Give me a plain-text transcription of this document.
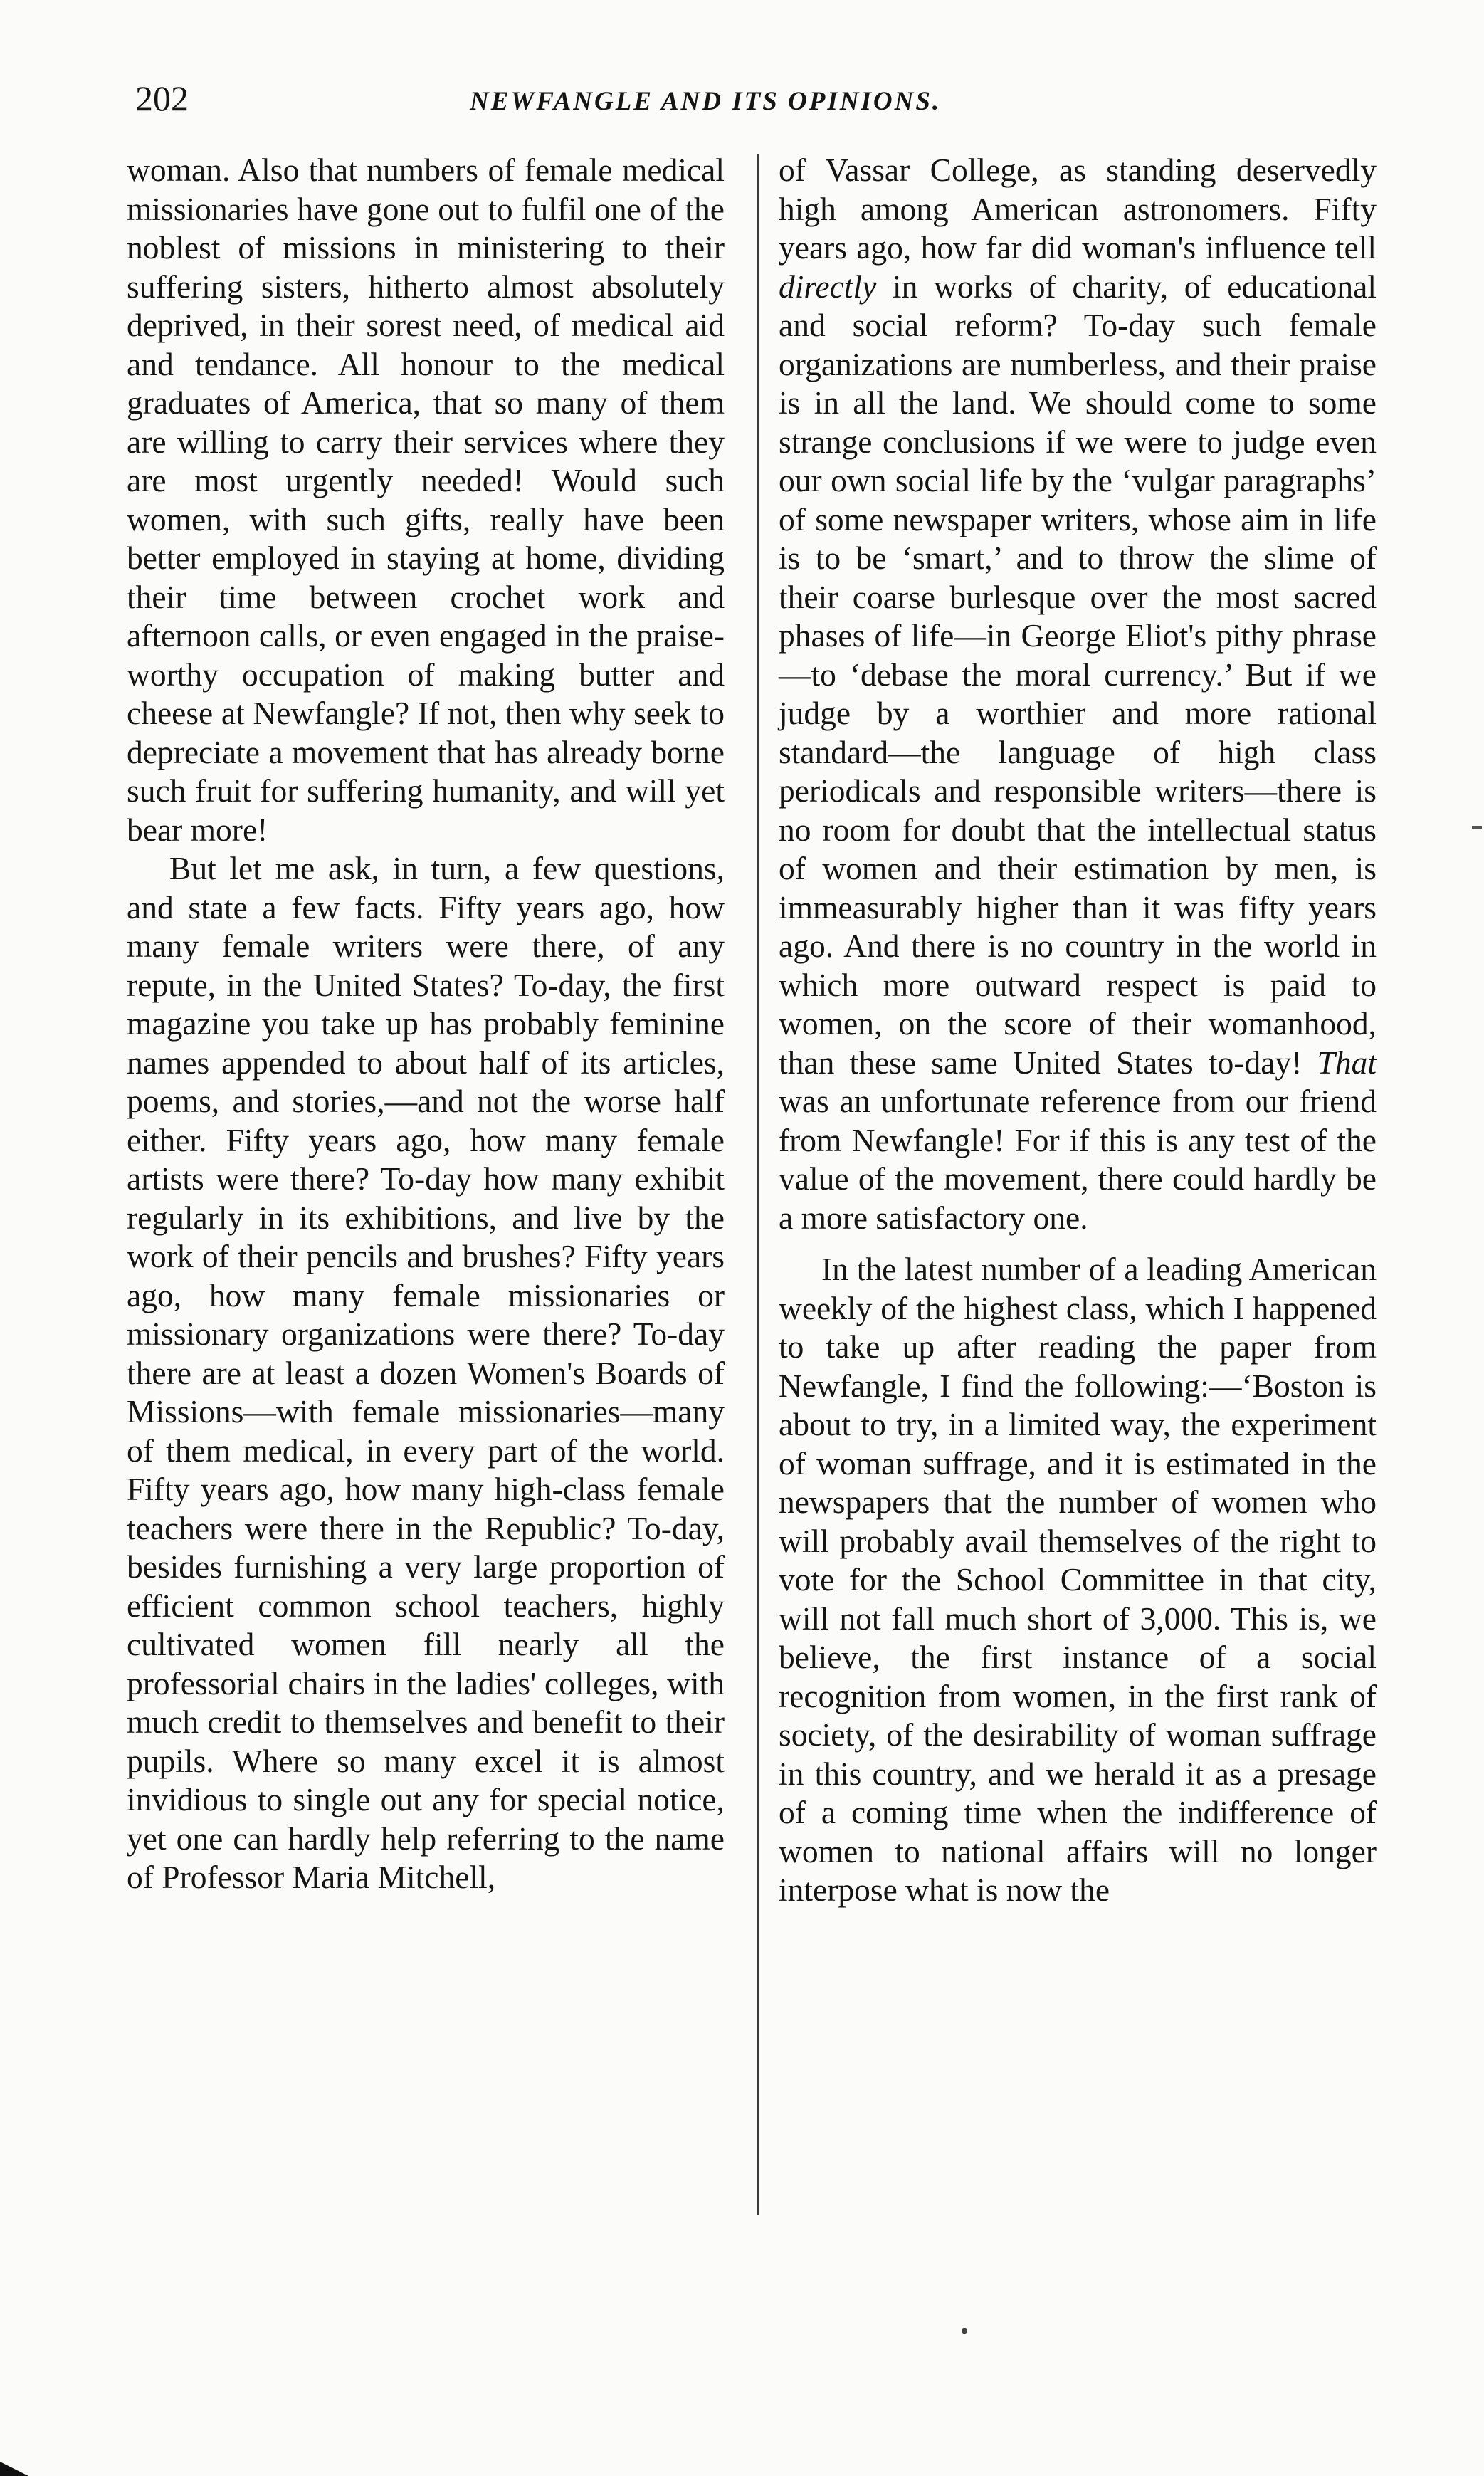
202	NEWFANGLE AND ITS OPINIONS.

woman. Also that numbers of female medical missionaries have gone out to fulfil one of the noblest of missions in ministering to their suffering sisters, hitherto almost absolutely deprived, in their sorest need, of medical aid and tendance. All honour to the medical graduates of America, that so many of them are willing to carry their services where they are most urgently needed! Would such women, with such gifts, really have been better employed in staying at home, dividing their time between crochet work and afternoon calls, or even engaged in the praise-worthy occupation of making butter and cheese at Newfangle? If not, then why seek to depreciate a movement that has already borne such fruit for suffering humanity, and will yet bear more!

But let me ask, in turn, a few questions, and state a few facts. Fifty years ago, how many female writers were there, of any repute, in the United States? To-day, the first magazine you take up has probably feminine names appended to about half of its articles, poems, and stories,—and not the worse half either. Fifty years ago, how many female artists were there? To-day how many exhibit regularly in its exhibitions, and live by the work of their pencils and brushes? Fifty years ago, how many female missionaries or missionary organizations were there? To-day there are at least a dozen Women's Boards of Missions—with female missionaries—many of them medical, in every part of the world. Fifty years ago, how many high-class female teachers were there in the Republic? To-day, besides furnishing a very large proportion of efficient common school teachers, highly cultivated women fill nearly all the professorial chairs in the ladies' colleges, with much credit to themselves and benefit to their pupils. Where so many excel it is almost invidious to single out any for special notice, yet one can hardly help referring to the name of Professor Maria Mitchell,

of Vassar College, as standing deservedly high among American astronomers. Fifty years ago, how far did woman's influence tell directly in works of charity, of educational and social reform? To-day such female organizations are numberless, and their praise is in all the land. We should come to some strange conclusions if we were to judge even our own social life by the ‘vulgar paragraphs’ of some newspaper writers, whose aim in life is to be ‘smart,’ and to throw the slime of their coarse burlesque over the most sacred phases of life—in George Eliot's pithy phrase—to ‘debase the moral currency.’ But if we judge by a worthier and more rational standard—the language of high class periodicals and responsible writers—there is no room for doubt that the intellectual status of women and their estimation by men, is immeasurably higher than it was fifty years ago. And there is no country in the world in which more outward respect is paid to women, on the score of their womanhood, than these same United States to-day! That was an unfortunate reference from our friend from Newfangle! For if this is any test of the value of the movement, there could hardly be a more satisfactory one.

In the latest number of a leading American weekly of the highest class, which I happened to take up after reading the paper from Newfangle, I find the following:—‘Boston is about to try, in a limited way, the experiment of woman suffrage, and it is estimated in the newspapers that the number of women who will probably avail themselves of the right to vote for the School Committee in that city, will not fall much short of 3,000. This is, we believe, the first instance of a social recognition from women, in the first rank of society, of the desirability of woman suffrage in this country, and we herald it as a presage of a coming time when the indifference of women to national affairs will no longer interpose what is now the
